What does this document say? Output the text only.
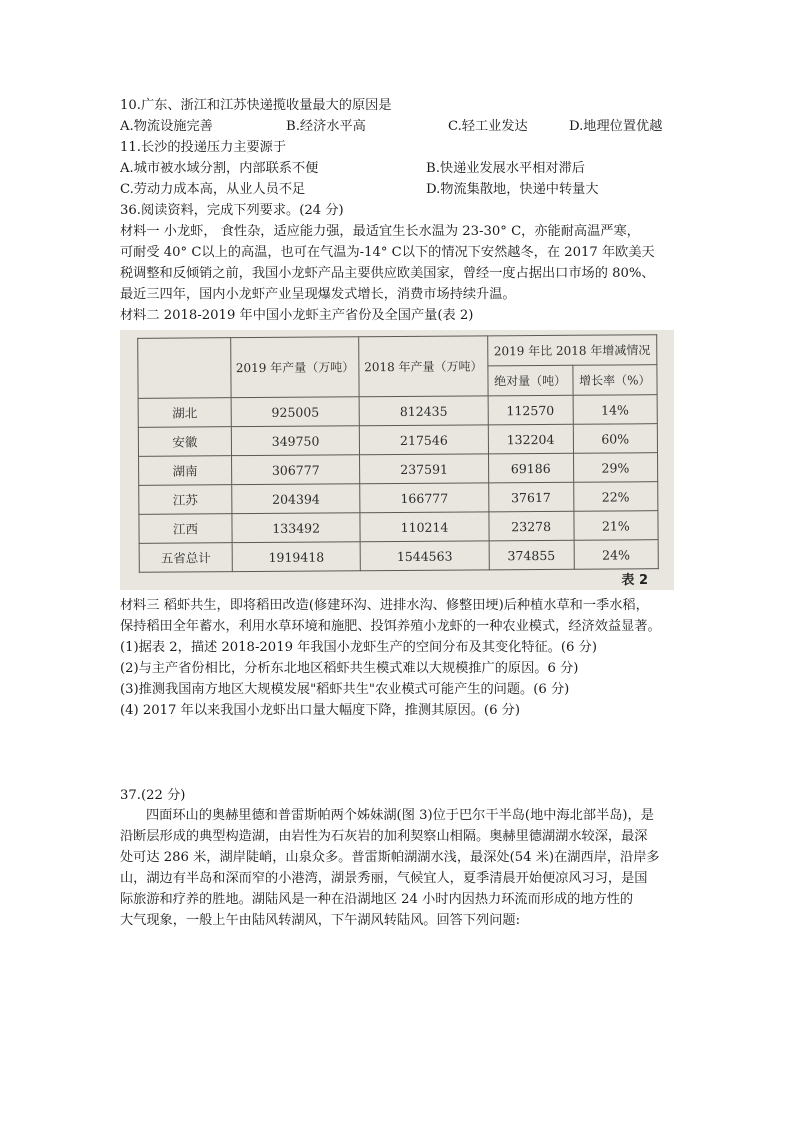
10.广东、浙江和江苏快递揽收量最大的原因是
A.物流设施完善	B.经济水平高	C.轻工业发达	D.地理位置优越
11.长沙的投递压力主要源于
A.城市被水域分割，内部联系不便	B.快递业发展水平相对滞后
C.劳动力成本高，从业人员不足	D.物流集散地，快递中转量大
36.阅读资料，完成下列要求。(24 分)
材料一 小龙虾， 食性杂，适应能力强，最适宜生长水温为 23-30° C，亦能耐高温严寒，
可耐受 40° C以上的高温，也可在气温为-14° C以下的情况下安然越冬，在 2017 年欧美天
税调整和反倾销之前，我国小龙虾产品主要供应欧美国家，曾经一度占据出口市场的 80%、
最近三四年，国内小龙虾产业呈现爆发式增长，消费市场持续升温。
材料二 2018-2019 年中国小龙虾主产省份及全国产量(表 2)
	2019 年产量（万吨）	2018 年产量（万吨）	2019 年比 2018 年增减情况	
			绝对量（吨）	增长率（%）
湖北	925005	812435	112570	14%
安徽	349750	217546	132204	60%
湖南	306777	237591	69186	29%
江苏	204394	166777	37617	22%
江西	133492	110214	23278	21%
五省总计	1919418	1544563	374855	24%
表 2
材料三 稻虾共生，即将稻田改造(修建环沟、进排水沟、修整田埂)后种植水草和一季水稻，
保持稻田全年蓄水，利用水草环境和施肥、投饵养殖小龙虾的一种农业模式，经济效益显著。
(1)据表 2，描述 2018-2019 年我国小龙虾生产的空间分布及其变化特征。(6 分)
(2)与主产省份相比，分析东北地区稻虾共生模式难以大规模推广的原因。6 分)
(3)推测我国南方地区大规模发展"稻虾共生"农业模式可能产生的问题。(6 分)
(4) 2017 年以来我国小龙虾出口量大幅度下降，推测其原因。(6 分)
37.(22 分)
四面环山的奥赫里德和普雷斯帕两个姊妹湖(图 3)位于巴尔干半岛(地中海北部半岛)，是
沿断层形成的典型构造湖，由岩性为石灰岩的加利契察山相隔。奥赫里德湖湖水较深，最深
处可达 286 米，湖岸陡峭，山泉众多。普雷斯帕湖湖水浅，最深处(54 米)在湖西岸，沿岸多
山，湖边有半岛和深而窄的小港湾，湖景秀丽，气候宜人，夏季清晨开始便凉风习习，是国
际旅游和疗养的胜地。湖陆风是一种在沿湖地区 24 小时内因热力环流而形成的地方性的
大气现象，一般上午由陆风转湖风，下午湖风转陆风。回答下列问题:
